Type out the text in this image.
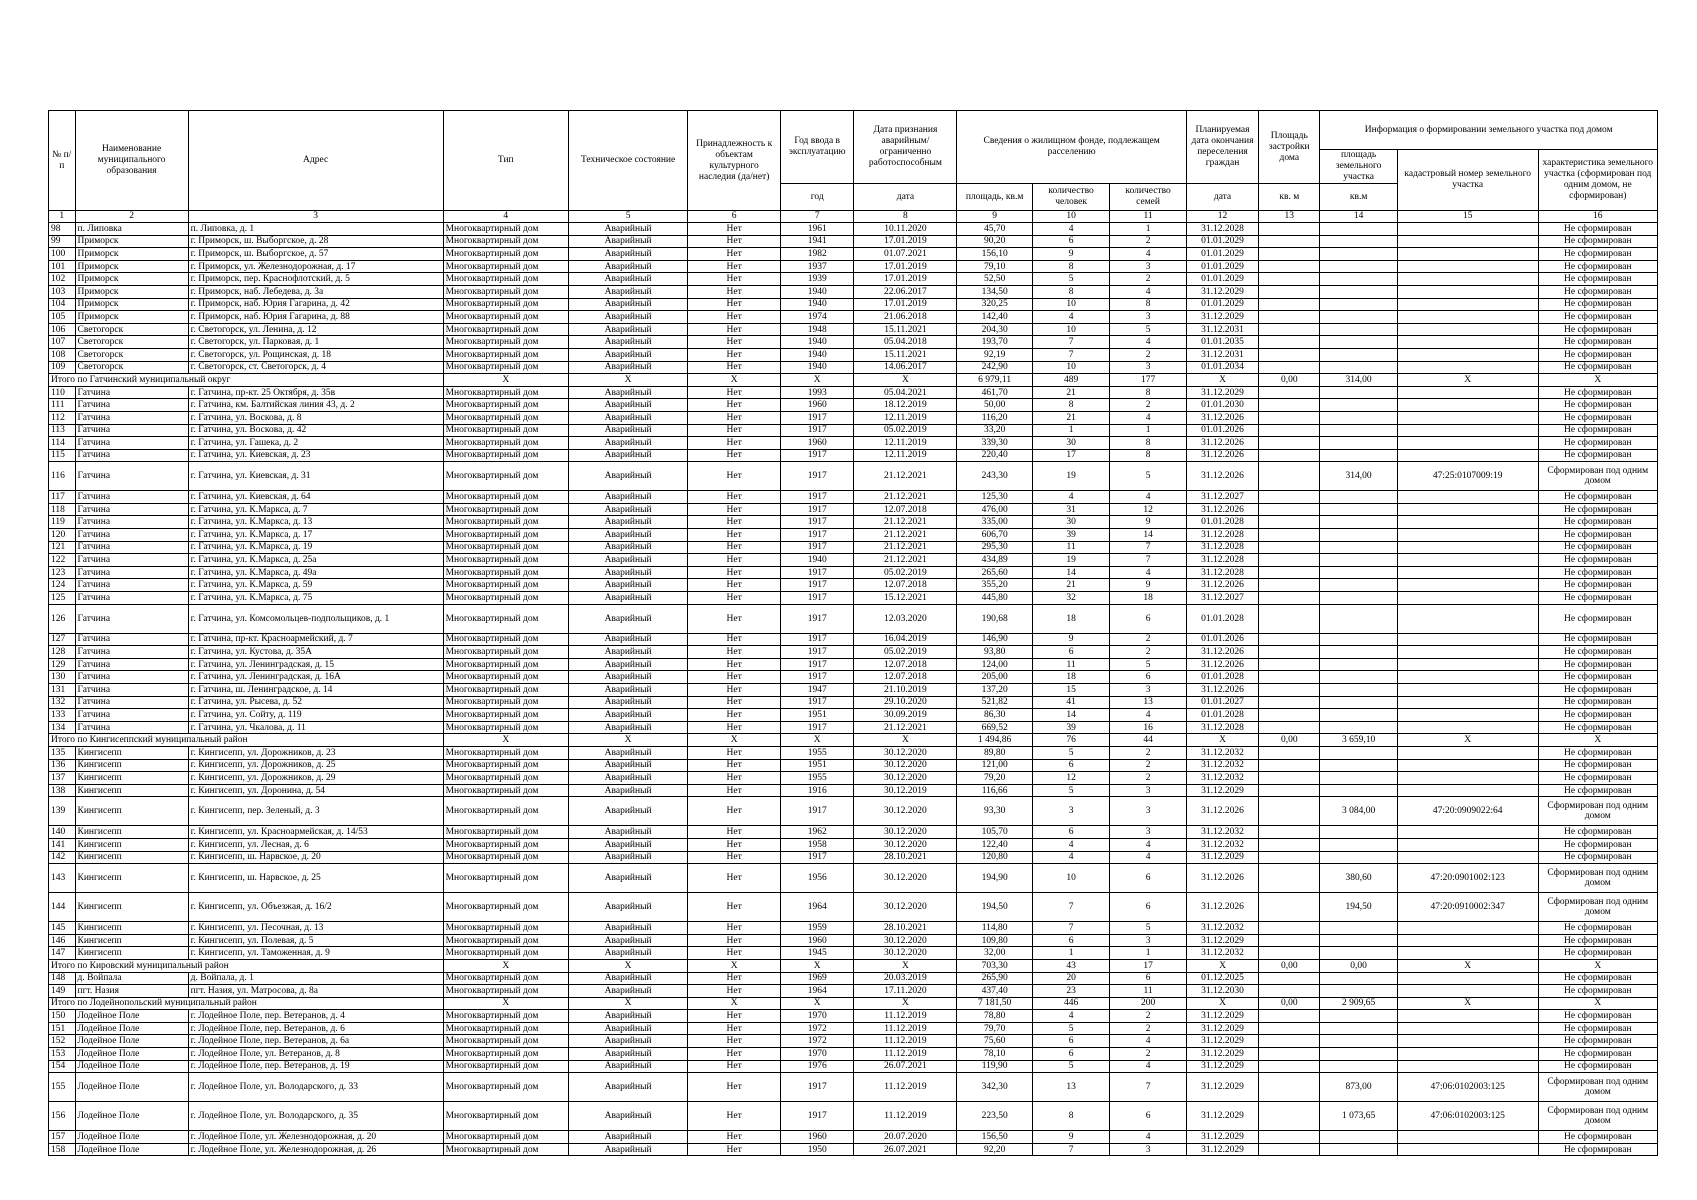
№ п/п	Наименование муниципального образования	Адрес	Тип	Техническое состояние	Принадлежность к объектам культурного наследия (да/нет)	Год ввода в эксплуатацию	Дата признания аварийным/ограниченно работоспособным	Сведения о жилищном фонде, подлежащем расселению			Планируемая дата окончания переселения граждан	Площадь застройки дома	Информация о формировании земельного участка под домом		
													площадь земельного участка	кадастровый номер земельного участка	характеристика земельного участка (сформирован под одним домом, не сформирован)
						год	дата	площадь, кв.м	количество человек	количество семей	дата	кв. м	кв.м		
1	2	3	4	5	6	7	8	9	10	11	12	13	14	15	16
98	п. Липовка	п. Липовка, д. 1	Многоквартирный дом	Аварийный	Нет	1961	10.11.2020	45,70	4	1	31.12.2028				Не сформирован
99	Приморск	г. Приморск, ш. Выборгское, д. 28	Многоквартирный дом	Аварийный	Нет	1941	17.01.2019	90,20	6	2	01.01.2029				Не сформирован
100	Приморск	г. Приморск, ш. Выборгское, д. 57	Многоквартирный дом	Аварийный	Нет	1982	01.07.2021	156,10	9	4	01.01.2029				Не сформирован
101	Приморск	г. Приморск, ул. Железнодорожная, д. 17	Многоквартирный дом	Аварийный	Нет	1937	17.01.2019	79,10	8	3	01.01.2029				Не сформирован
102	Приморск	г. Приморск, пер. Краснофлотский, д. 5	Многоквартирный дом	Аварийный	Нет	1939	17.01.2019	52,50	5	2	01.01.2029				Не сформирован
103	Приморск	г. Приморск, наб. Лебедева, д. 3а	Многоквартирный дом	Аварийный	Нет	1940	22.06.2017	134,50	8	4	31.12.2029				Не сформирован
104	Приморск	г. Приморск, наб. Юрия Гагарина, д. 42	Многоквартирный дом	Аварийный	Нет	1940	17.01.2019	320,25	10	8	01.01.2029				Не сформирован
105	Приморск	г. Приморск, наб. Юрия Гагарина, д. 88	Многоквартирный дом	Аварийный	Нет	1974	21.06.2018	142,40	4	3	31.12.2029				Не сформирован
106	Светогорск	г. Светогорск, ул. Ленина, д. 12	Многоквартирный дом	Аварийный	Нет	1948	15.11.2021	204,30	10	5	31.12.2031				Не сформирован
107	Светогорск	г. Светогорск, ул. Парковая, д. 1	Многоквартирный дом	Аварийный	Нет	1940	05.04.2018	193,70	7	4	01.01.2035				Не сформирован
108	Светогорск	г. Светогорск, ул. Рощинская, д. 18	Многоквартирный дом	Аварийный	Нет	1940	15.11.2021	92,19	7	2	31.12.2031				Не сформирован
109	Светогорск	г. Светогорск, ст. Светогорск, д. 4	Многоквартирный дом	Аварийный	Нет	1940	14.06.2017	242,90	10	3	01.01.2034				Не сформирован
Итого по Гатчинский муниципальный округ			X	X	X	X	X	6 979,11	489	177	X	0,00	314,00	X	X
110	Гатчина	г. Гатчина, пр-кт. 25 Октября, д. 35в	Многоквартирный дом	Аварийный	Нет	1993	05.04.2021	461,70	21	8	31.12.2029				Не сформирован
111	Гатчина	г. Гатчина, км. Балтийская линия 43, д. 2	Многоквартирный дом	Аварийный	Нет	1960	18.12.2019	50,00	8	2	01.01.2030				Не сформирован
112	Гатчина	г. Гатчина, ул. Воскова, д. 8	Многоквартирный дом	Аварийный	Нет	1917	12.11.2019	116,20	21	4	31.12.2026				Не сформирован
113	Гатчина	г. Гатчина, ул. Воскова, д. 42	Многоквартирный дом	Аварийный	Нет	1917	05.02.2019	33,20	1	1	01.01.2026				Не сформирован
114	Гатчина	г. Гатчина, ул. Гашека, д. 2	Многоквартирный дом	Аварийный	Нет	1960	12.11.2019	339,30	30	8	31.12.2026				Не сформирован
115	Гатчина	г. Гатчина, ул. Киевская, д. 23	Многоквартирный дом	Аварийный	Нет	1917	12.11.2019	220,40	17	8	31.12.2026				Не сформирован
116	Гатчина	г. Гатчина, ул. Киевская, д. 31	Многоквартирный дом	Аварийный	Нет	1917	21.12.2021	243,30	19	5	31.12.2026		314,00	47:25:0107009:19	Сформирован под одним домом
117	Гатчина	г. Гатчина, ул. Киевская, д. 64	Многоквартирный дом	Аварийный	Нет	1917	21.12.2021	125,30	4	4	31.12.2027				Не сформирован
118	Гатчина	г. Гатчина, ул. К.Маркса, д. 7	Многоквартирный дом	Аварийный	Нет	1917	12.07.2018	476,00	31	12	31.12.2026				Не сформирован
119	Гатчина	г. Гатчина, ул. К.Маркса, д. 13	Многоквартирный дом	Аварийный	Нет	1917	21.12.2021	335,00	30	9	01.01.2028				Не сформирован
120	Гатчина	г. Гатчина, ул. К.Маркса, д. 17	Многоквартирный дом	Аварийный	Нет	1917	21.12.2021	606,70	39	14	31.12.2028				Не сформирован
121	Гатчина	г. Гатчина, ул. К.Маркса, д. 19	Многоквартирный дом	Аварийный	Нет	1917	21.12.2021	295,30	11	7	31.12.2028				Не сформирован
122	Гатчина	г. Гатчина, ул. К.Маркса, д. 25а	Многоквартирный дом	Аварийный	Нет	1940	21.12.2021	434,89	19	7	31.12.2028				Не сформирован
123	Гатчина	г. Гатчина, ул. К.Маркса, д. 49а	Многоквартирный дом	Аварийный	Нет	1917	05.02.2019	265,60	14	4	31.12.2028				Не сформирован
124	Гатчина	г. Гатчина, ул. К.Маркса, д. 59	Многоквартирный дом	Аварийный	Нет	1917	12.07.2018	355,20	21	9	31.12.2026				Не сформирован
125	Гатчина	г. Гатчина, ул. К.Маркса, д. 75	Многоквартирный дом	Аварийный	Нет	1917	15.12.2021	445,80	32	18	31.12.2027				Не сформирован
126	Гатчина	г. Гатчина, ул. Комсомольцев-подпольщиков, д. 1	Многоквартирный дом	Аварийный	Нет	1917	12.03.2020	190,68	18	6	01.01.2028				Не сформирован
127	Гатчина	г. Гатчина, пр-кт. Красноармейский, д. 7	Многоквартирный дом	Аварийный	Нет	1917	16.04.2019	146,90	9	2	01.01.2026				Не сформирован
128	Гатчина	г. Гатчина, ул. Кустова, д. 35А	Многоквартирный дом	Аварийный	Нет	1917	05.02.2019	93,80	6	2	31.12.2026				Не сформирован
129	Гатчина	г. Гатчина, ул. Ленинградская, д. 15	Многоквартирный дом	Аварийный	Нет	1917	12.07.2018	124,00	11	5	31.12.2026				Не сформирован
130	Гатчина	г. Гатчина, ул. Ленинградская, д. 16А	Многоквартирный дом	Аварийный	Нет	1917	12.07.2018	205,00	18	6	01.01.2028				Не сформирован
131	Гатчина	г. Гатчина, ш. Ленинградское, д. 14	Многоквартирный дом	Аварийный	Нет	1947	21.10.2019	137,20	15	3	31.12.2026				Не сформирован
132	Гатчина	г. Гатчина, ул. Рысева, д. 52	Многоквартирный дом	Аварийный	Нет	1917	29.10.2020	521,82	41	13	01.01.2027				Не сформирован
133	Гатчина	г. Гатчина, ул. Сойту, д. 119	Многоквартирный дом	Аварийный	Нет	1951	30.09.2019	86,30	14	4	01.01.2028				Не сформирован
134	Гатчина	г. Гатчина, ул. Чкалова, д. 11	Многоквартирный дом	Аварийный	Нет	1917	21.12.2021	669,52	39	16	31.12.2028				Не сформирован
Итого по Кингисеппский муниципальный район			X	X	X	X	X	1 494,86	76	44	X	0,00	3 659,10	X	X
135	Кингисепп	г. Кингисепп, ул. Дорожников, д. 23	Многоквартирный дом	Аварийный	Нет	1955	30.12.2020	89,80	5	2	31.12.2032				Не сформирован
136	Кингисепп	г. Кингисепп, ул. Дорожников, д. 25	Многоквартирный дом	Аварийный	Нет	1951	30.12.2020	121,00	6	2	31.12.2032				Не сформирован
137	Кингисепп	г. Кингисепп, ул. Дорожников, д. 29	Многоквартирный дом	Аварийный	Нет	1955	30.12.2020	79,20	12	2	31.12.2032				Не сформирован
138	Кингисепп	г. Кингисепп, ул. Доронина, д. 54	Многоквартирный дом	Аварийный	Нет	1916	30.12.2019	116,66	5	3	31.12.2029				Не сформирован
139	Кингисепп	г. Кингисепп, пер. Зеленый, д. 3	Многоквартирный дом	Аварийный	Нет	1917	30.12.2020	93,30	3	3	31.12.2026		3 084,00	47:20:0909022:64	Сформирован под одним домом
140	Кингисепп	г. Кингисепп, ул. Красноармейская, д. 14/53	Многоквартирный дом	Аварийный	Нет	1962	30.12.2020	105,70	6	3	31.12.2032				Не сформирован
141	Кингисепп	г. Кингисепп, ул. Лесная, д. 6	Многоквартирный дом	Аварийный	Нет	1958	30.12.2020	122,40	4	4	31.12.2032				Не сформирован
142	Кингисепп	г. Кингисепп, ш. Нарвское, д. 20	Многоквартирный дом	Аварийный	Нет	1917	28.10.2021	120,80	4	4	31.12.2029				Не сформирован
143	Кингисепп	г. Кингисепп, ш. Нарвское, д. 25	Многоквартирный дом	Аварийный	Нет	1956	30.12.2020	194,90	10	6	31.12.2026		380,60	47:20:0901002:123	Сформирован под одним домом
144	Кингисепп	г. Кингисепп, ул. Объезжая, д. 16/2	Многоквартирный дом	Аварийный	Нет	1964	30.12.2020	194,50	7	6	31.12.2026		194,50	47:20:0910002:347	Сформирован под одним домом
145	Кингисепп	г. Кингисепп, ул. Песочная, д. 13	Многоквартирный дом	Аварийный	Нет	1959	28.10.2021	114,80	7	5	31.12.2032				Не сформирован
146	Кингисепп	г. Кингисепп, ул. Полевая, д. 5	Многоквартирный дом	Аварийный	Нет	1960	30.12.2020	109,80	6	3	31.12.2029				Не сформирован
147	Кингисепп	г. Кингисепп, ул. Таможенная, д. 9	Многоквартирный дом	Аварийный	Нет	1945	30.12.2020	32,00	1	1	31.12.2032				Не сформирован
Итого по Кировский муниципальный район			X	X	X	X	X	703,30	43	17	X	0,00	0,00	X	X
148	д. Войпала	д. Войпала, д. 1	Многоквартирный дом	Аварийный	Нет	1969	20.03.2019	265,90	20	6	01.12.2025				Не сформирован
149	пгт. Назия	пгт. Назия, ул. Матросова, д. 8а	Многоквартирный дом	Аварийный	Нет	1964	17.11.2020	437,40	23	11	31.12.2030				Не сформирован
Итого по Лодейнопольский муниципальный район			X	X	X	X	X	7 181,50	446	200	X	0,00	2 909,65	X	X
150	Лодейное Поле	г. Лодейное Поле, пер. Ветеранов, д. 4	Многоквартирный дом	Аварийный	Нет	1970	11.12.2019	78,80	4	2	31.12.2029				Не сформирован
151	Лодейное Поле	г. Лодейное Поле, пер. Ветеранов, д. 6	Многоквартирный дом	Аварийный	Нет	1972	11.12.2019	79,70	5	2	31.12.2029				Не сформирован
152	Лодейное Поле	г. Лодейное Поле, пер. Ветеранов, д. 6а	Многоквартирный дом	Аварийный	Нет	1972	11.12.2019	75,60	6	4	31.12.2029				Не сформирован
153	Лодейное Поле	г. Лодейное Поле, ул. Ветеранов, д. 8	Многоквартирный дом	Аварийный	Нет	1970	11.12.2019	78,10	6	2	31.12.2029				Не сформирован
154	Лодейное Поле	г. Лодейное Поле, пер. Ветеранов, д. 19	Многоквартирный дом	Аварийный	Нет	1976	26.07.2021	119,90	5	4	31.12.2029				Не сформирован
155	Лодейное Поле	г. Лодейное Поле, ул. Володарского, д. 33	Многоквартирный дом	Аварийный	Нет	1917	11.12.2019	342,30	13	7	31.12.2029		873,00	47:06:0102003:125	Сформирован под одним домом
156	Лодейное Поле	г. Лодейное Поле, ул. Володарского, д. 35	Многоквартирный дом	Аварийный	Нет	1917	11.12.2019	223,50	8	6	31.12.2029		1 073,65	47:06:0102003:125	Сформирован под одним домом
157	Лодейное Поле	г. Лодейное Поле, ул. Железнодорожная, д. 20	Многоквартирный дом	Аварийный	Нет	1960	20.07.2020	156,50	9	4	31.12.2029				Не сформирован
158	Лодейное Поле	г. Лодейное Поле, ул. Железнодорожная, д. 26	Многоквартирный дом	Аварийный	Нет	1950	26.07.2021	92,20	7	3	31.12.2029				Не сформирован
